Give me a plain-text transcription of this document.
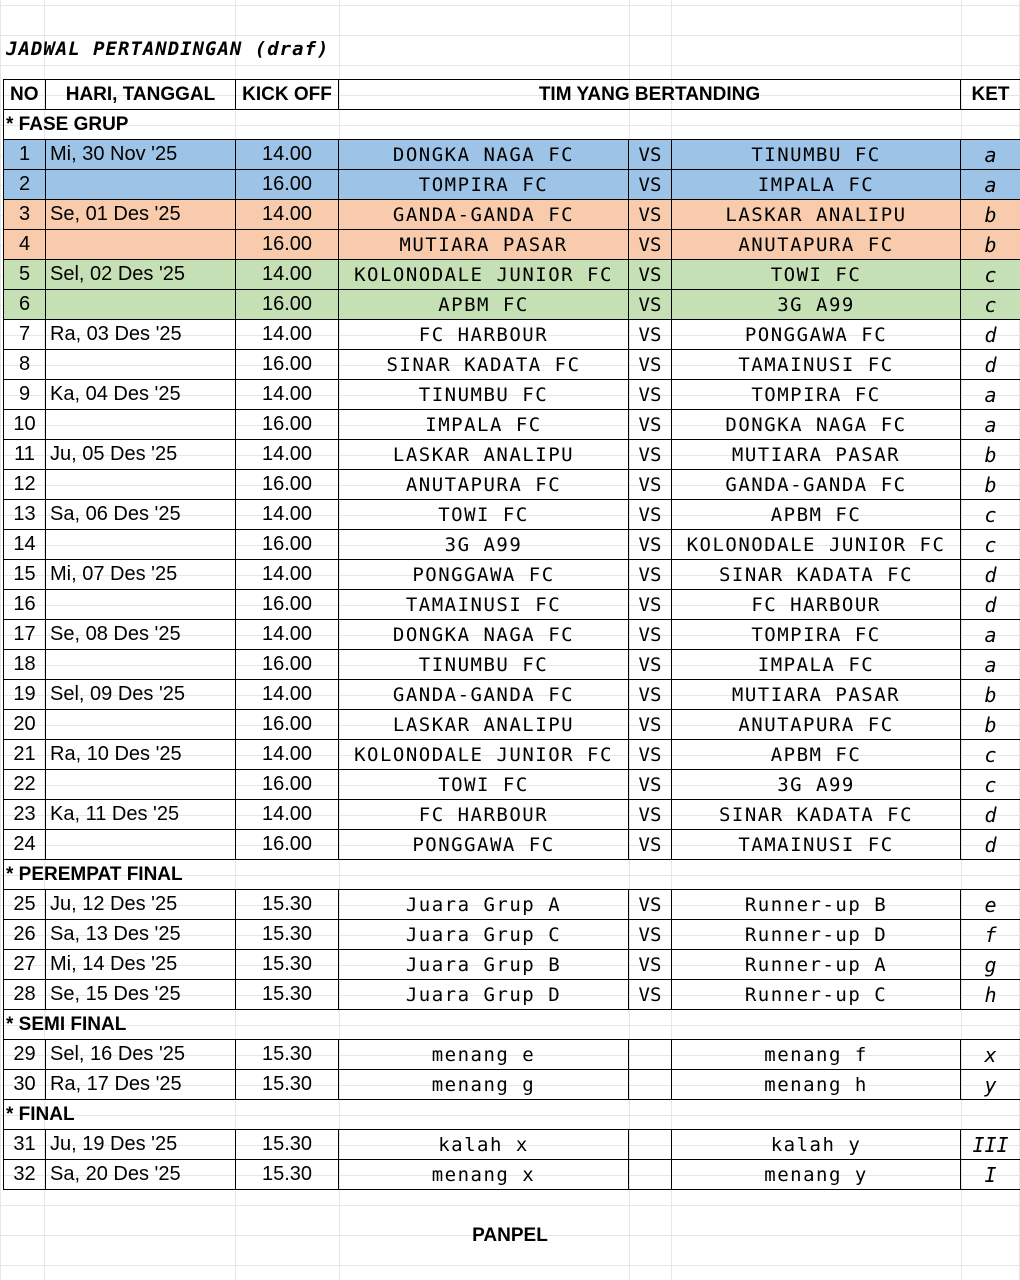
JADWAL PERTANDINGAN (draf)
NO	HARI, TANGGAL	KICK OFF	TIM YANG BERTANDING			KET
* FASE GRUP						
1	Mi, 30 Nov '25	14.00	DONGKA NAGA FC	VS	TINUMBU FC	a
2		16.00	TOMPIRA FC	VS	IMPALA FC	a
3	Se, 01 Des '25	14.00	GANDA-GANDA FC	VS	LASKAR ANALIPU	b
4		16.00	MUTIARA PASAR	VS	ANUTAPURA FC	b
5	Sel, 02 Des '25	14.00	KOLONODALE JUNIOR FC	VS	TOWI FC	c
6		16.00	APBM FC	VS	3G A99	c
7	Ra, 03 Des '25	14.00	FC HARBOUR	VS	PONGGAWA FC	d
8		16.00	SINAR KADATA FC	VS	TAMAINUSI FC	d
9	Ka, 04 Des '25	14.00	TINUMBU FC	VS	TOMPIRA FC	a
10		16.00	IMPALA FC	VS	DONGKA NAGA FC	a
11	Ju, 05 Des '25	14.00	LASKAR ANALIPU	VS	MUTIARA PASAR	b
12		16.00	ANUTAPURA FC	VS	GANDA-GANDA FC	b
13	Sa, 06 Des '25	14.00	TOWI FC	VS	APBM FC	c
14		16.00	3G A99	VS	KOLONODALE JUNIOR FC	c
15	Mi, 07 Des '25	14.00	PONGGAWA FC	VS	SINAR KADATA FC	d
16		16.00	TAMAINUSI FC	VS	FC HARBOUR	d
17	Se, 08 Des '25	14.00	DONGKA NAGA FC	VS	TOMPIRA FC	a
18		16.00	TINUMBU FC	VS	IMPALA FC	a
19	Sel, 09 Des '25	14.00	GANDA-GANDA FC	VS	MUTIARA PASAR	b
20		16.00	LASKAR ANALIPU	VS	ANUTAPURA FC	b
21	Ra, 10 Des '25	14.00	KOLONODALE JUNIOR FC	VS	APBM FC	c
22		16.00	TOWI FC	VS	3G A99	c
23	Ka, 11 Des '25	14.00	FC HARBOUR	VS	SINAR KADATA FC	d
24		16.00	PONGGAWA FC	VS	TAMAINUSI FC	d
* PEREMPAT FINAL						
25	Ju, 12 Des '25	15.30	Juara Grup A	VS	Runner-up B	e
26	Sa, 13 Des '25	15.30	Juara Grup C	VS	Runner-up D	f
27	Mi, 14 Des '25	15.30	Juara Grup B	VS	Runner-up A	g
28	Se, 15 Des '25	15.30	Juara Grup D	VS	Runner-up C	h
* SEMI FINAL						
29	Sel, 16 Des '25	15.30	menang e		menang f	x
30	Ra, 17 Des '25	15.30	menang g		menang h	y
* FINAL						
31	Ju, 19 Des '25	15.30	kalah x		kalah y	III
32	Sa, 20 Des '25	15.30	menang x		menang y	I
PANPEL
